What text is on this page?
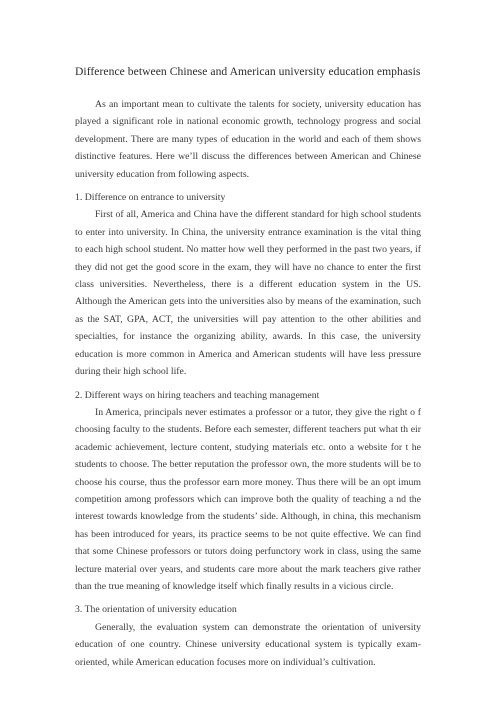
Difference between Chinese and American university education emphasis

As an important mean to cultivate the talents for society, university education has played a significant role in national economic growth, technology progress and social development. There are many types of education in the world and each of them shows distinctive features. Here we’ll discuss the differences between American and Chinese university education from following aspects.

1. Difference on entrance to university

First of all, America and China have the different standard for high school students to enter into university. In China, the university entrance examination is the vital thing to each high school student. No matter how well they performed in the past two years, if they did not get the good score in the exam, they will have no chance to enter the first class universities. Nevertheless, there is a different education system in the US. Although the American gets into the universities also by means of the examination, such as the SAT, GPA, ACT, the universities will pay attention to the other abilities and specialties, for instance the organizing ability, awards. In this case, the university education is more common in America and American students will have less pressure during their high school life.

2. Different ways on hiring teachers and teaching management

In America, principals never estimates a professor or a tutor, they give the right o f choosing faculty to the students. Before each semester, different teachers put what th eir academic achievement, lecture content, studying materials etc. onto a website for t he students to choose. The better reputation the professor own, the more students will be to choose his course, thus the professor earn more money. Thus there will be an opt imum competition among professors which can improve both the quality of teaching a nd the interest towards knowledge from the students’ side. Although, in china, this mechanism has been introduced for years, its practice seems to be not quite effective. We can find that some Chinese professors or tutors doing perfunctory work in class, using the same lecture material over years, and students care more about the mark teachers give rather than the true meaning of knowledge itself which finally results in a vicious circle.

3. The orientation of university education

Generally, the evaluation system can demonstrate the orientation of university education of one country. Chinese university educational system is typically exam-oriented, while American education focuses more on individual’s cultivation.
